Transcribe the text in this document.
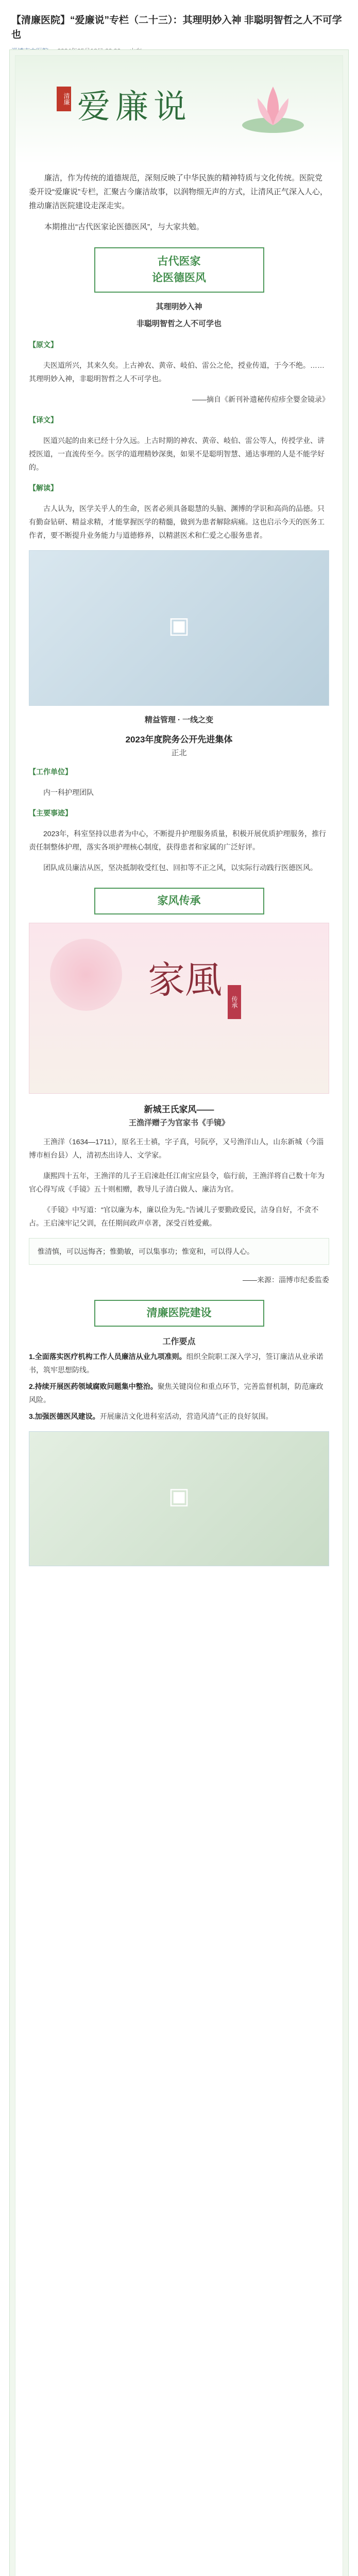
【清廉医院】“爱廉说”专栏（二十三）：其理明妙入神 非聪明智哲之人不可学也
清廉 爱廉说

廉洁，作为传统的道德规范，深刻反映了中华民族的精神特质与文化传统。医院党委开设“爱廉说”专栏，汇聚古今廉洁故事，以润物细无声的方式，让清风正气深入人心，推动廉洁医院建设走深走实。

本期推出“古代医家论医德医风”，与大家共勉。

古代医家
论医德医风

其理明妙入神

非聪明智哲之人不可学也

【原文】

夫医道所兴，其来久矣。上古神农、黄帝、岐伯、雷公之伦，授业传道，于今不绝。……其理明妙入神，非聪明智哲之人不可学也。

——摘自《新刊补遗秘传痘疹全婴金镜录》

【译文】

医道兴起的由来已经十分久远。上古时期的神农、黄帝、岐伯、雷公等人，传授学业、讲授医道，一直流传至今。医学的道理精妙深奥，如果不是聪明智慧、通达事理的人是不能学好的。

【解读】

古人认为，医学关乎人的生命，医者必须具备聪慧的头脑、渊博的学识和高尚的品德。只有勤奋钻研、精益求精，才能掌握医学的精髓，做到为患者解除病痛。这也启示今天的医务工作者，要不断提升业务能力与道德修养，以精湛医术和仁爱之心服务患者。

▣
精益管理 · 一线之变
2023年度院务公开先进集体
正北

【工作单位】

内一科护理团队

【主要事迹】

2023年，科室坚持以患者为中心，不断提升护理服务质量，积极开展优质护理服务，推行责任制整体护理，落实各项护理核心制度，获得患者和家属的广泛好评。

团队成员廉洁从医，坚决抵制收受红包、回扣等不正之风，以实际行动践行医德医风。

家风传承
家風
传承
新城王氏家风——
王渔洋赠子为官家书《手镜》

王渔洋（1634—1711），原名王士禛，字子真，号阮亭，又号渔洋山人，山东新城（今淄博市桓台县）人，清初杰出诗人、文学家。

康熙四十五年，王渔洋的儿子王启涑赴任江南宝应县令，临行前，王渔洋将自己数十年为官心得写成《手镜》五十则相赠，教导儿子清白做人、廉洁为官。

《手镜》中写道：“官以廉为本，廉以俭为先。”告诫儿子要勤政爱民，洁身自好，不贪不占。王启涑牢记父训，在任期间政声卓著，深受百姓爱戴。

惟清慎，可以远悔吝；惟勤敏，可以集事功；惟宽和，可以得人心。

——来源：淄博市纪委监委

清廉医院建设
工作要点
1.全面落实医疗机构工作人员廉洁从业九项准则。组织全院职工深入学习，签订廉洁从业承诺书，筑牢思想防线。
2.持续开展医药领域腐败问题集中整治。聚焦关键岗位和重点环节，完善监督机制，防范廉政风险。
3.加强医德医风建设。开展廉洁文化进科室活动，营造风清气正的良好氛围。
▣
